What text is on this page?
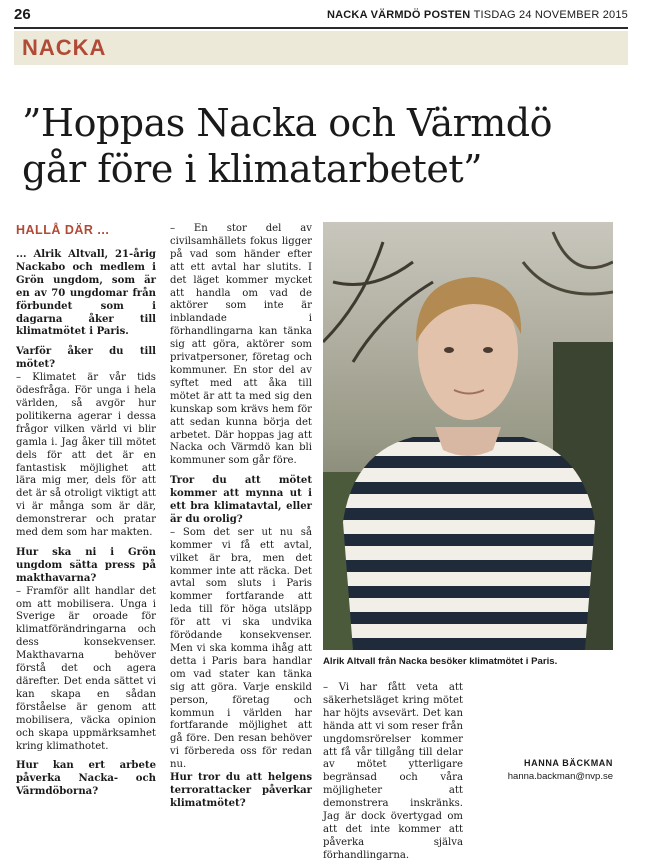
26	NACKA VÄRMDÖ POSTEN TISDAG 24 NOVEMBER 2015
NACKA
”Hoppas Nacka och Värmdö
går före i klimatarbetet”
HALLÅ DÄR ...

... Alrik Altvall, 21-årig Nackabo och medlem i Grön ungdom, som är en av 70 ungdomar från förbundet som i dagarna åker till klimatmötet i Paris.

Varför åker du till mötet?

– Klimatet är vår tids ödesfråga. För unga i hela världen, så avgör hur politikerna agerar i dessa frågor vilken värld vi blir gamla i. Jag åker till mötet dels för att det är en fantastisk möjlighet att lära mig mer, dels för att det är så otroligt viktigt att vi är många som är där, demonstrerar och pratar med dem som har makten.

Hur ska ni i Grön ungdom sätta press på makthavarna?

– Framför allt handlar det om att mobilisera. Unga i Sverige är oroade för klimatförändringarna och dess konsekvenser. Makthavarna behöver förstå det och agera därefter. Det enda sättet vi kan skapa en sådan förståelse är genom att mobilisera, väcka opinion och skapa uppmärksamhet kring klimathotet.

Hur kan ert arbete påverka Nacka- och Värmdöborna?

– En stor del av civilsamhällets fokus ligger på vad som händer efter att ett avtal har slutits. I det läget kommer mycket att handla om vad de aktörer som inte är inblandade i förhandlingarna kan tänka sig att göra, aktörer som privatpersoner, företag och kommuner. En stor del av syftet med att åka till mötet är att ta med sig den kunskap som krävs hem för att sedan kunna börja det arbetet. Där hoppas jag att Nacka och Värmdö kan bli kommuner som går före.

Tror du att mötet kommer att mynna ut i ett bra klimatavtal, eller är du orolig?

– Som det ser ut nu så kommer vi få ett avtal, vilket är bra, men det kommer inte att räcka. Det avtal som sluts i Paris kommer fortfarande att leda till för höga utsläpp för att vi ska undvika förödande konsekvenser. Men vi ska komma ihåg att detta i Paris bara handlar om vad stater kan tänka sig att göra. Varje enskild person, företag och kommun i världen har fortfarande möjlighet att gå före. Den resan behöver vi förbereda oss för redan nu.

Hur tror du att helgens terrorattacker påverkar klimatmötet?

Alrik Altvall från Nacka besöker klimatmötet i Paris.

– Vi har fått veta att säkerhetsläget kring mötet har höjts avsevärt. Det kan hända att vi som reser från ungdomsrörelser kommer att få vår tillgång till delar av mötet ytterligare begränsad och våra möjligheter att demonstrera inskränks. Jag är dock övertygad om att det inte kommer att påverka själva förhandlingarna.

HANNA BÄCKMAN
hanna.backman@nvp.se
